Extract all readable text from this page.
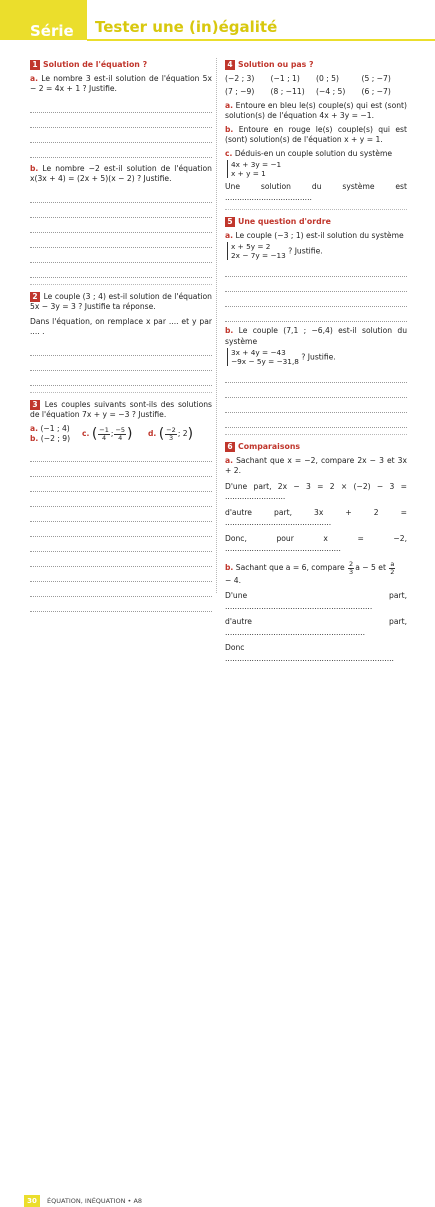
Série 1
Tester une (in)égalité
1 Solution de l'équation ?

a. Le nombre 3 est-il solution de l'équation 5x − 2 = 4x + 1 ? Justifie.

b. Le nombre −2 est-il solution de l'équation x(3x + 4) = (2x + 5)(x − 2) ? Justifie.

2 Le couple (3 ; 4) est-il solution de l'équation 5x − 3y = 3 ? Justifie ta réponse.

Dans l'équation, on remplace x par .... et y par .... .

3 Les couples suivants sont-ils des solutions de l'équation 7x + y = −3 ? Justifie.

a. (−1 ; 4)
b. (−2 ; 9)
c.
( $\frac{-1}{4}$ ; $\frac{-5}{4}$ ) d.
( $\frac{-2}{3}$ ; 2 )
4 Solution ou pas ?
(−2 ; 3)	(−1 ; 1)	(0 ; 5)	(5 ; −7)
(7 ; −9)	(8 ; −11)	(−4 ; 5)	(6 ; −7)

a. Entoure en bleu le(s) couple(s) qui est (sont) solution(s) de l'équation 4x + 3y = −1.

b. Entoure en rouge le(s) couple(s) qui est (sont) solution(s) de l'équation x + y = 1.

c. Déduis-en un couple solution du système

4x + 3y = −1
x + y = 1

Une solution du système est ....................................

5 Une question d'ordre

a. Le couple (−3 ; 1) est-il solution du système

x + 5y = 2
2x − 7y = −13 ? Justifie.

b. Le couple (7,1 ; −6,4) est-il solution du système

3x + 4y = −43
−9x − 5y = −31,8 ? Justifie.
6 Comparaisons

a. Sachant que x = −2, compare 2x − 3 et 3x + 2.

D'une part, 2x − 3 = 2 × (−2) − 3 = .........................

d'autre part, 3x + 2 = ............................................

Donc, pour x = −2, ................................................

b.
Sachant que a = 6, compare
$\frac{2}{3}$ a − 5 et
$\frac{a}{2}$

− 4.

D'une part, .............................................................

d'autre part, ..........................................................

Donc ......................................................................

30	ÉQUATION, INÉQUATION • A8
